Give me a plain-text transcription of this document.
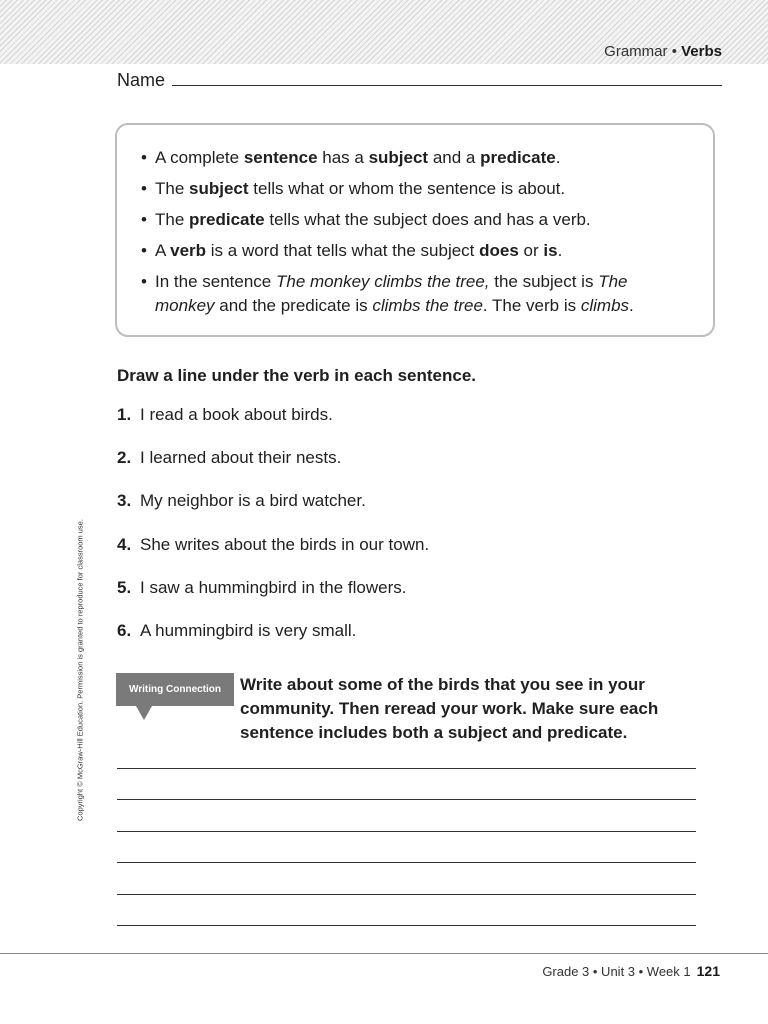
Grammar • Verbs
Name
• A complete sentence has a subject and a predicate.
• The subject tells what or whom the sentence is about.
• The predicate tells what the subject does and has a verb.
• A verb is a word that tells what the subject does or is.
• In the sentence The monkey climbs the tree, the subject is The monkey and the predicate is climbs the tree. The verb is climbs.
Draw a line under the verb in each sentence.
1. I read a book about birds.
2. I learned about their nests.
3. My neighbor is a bird watcher.
4. She writes about the birds in our town.
5. I saw a hummingbird in the flowers.
6. A hummingbird is very small.
Writing Connection	Write about some of the birds that you see in your community. Then reread your work. Make sure each sentence includes both a subject and predicate.
Copyright © McGraw-Hill Education. Permission is granted to reproduce for classroom use.
Grade 3 • Unit 3 • Week 1 121
